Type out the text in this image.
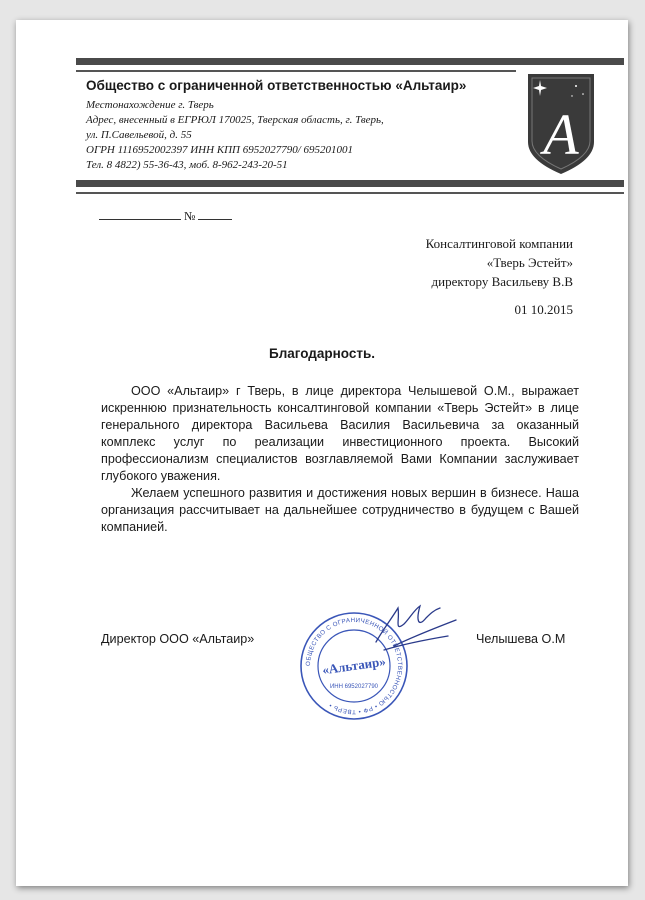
Общество с ограниченной ответственностью «Альтаир»
Местонахождение г. Тверь
Адрес, внесенный в ЕГРЮЛ 170025, Тверская область, г. Тверь,
ул. П.Савельевой, д. 55
ОГРН 1116952002397 ИНН КПП 6952027790/ 695201001
Тел. 8 4822) 55-36-43, моб. 8-962-243-20-51	А
№
Консалтинговой компании
«Тверь Эстейт»
директору Васильеву В.В
01 10.2015
Благодарность.

ООО «Альтаир» г Тверь, в лице директора Челышевой О.М., выражает искреннюю признательность консалтинговой компании «Тверь Эстейт» в лице генерального директора Васильева Василия Васильевича за оказанный комплекс услуг по реализации инвестиционного проекта. Высокий профессионализм специалистов возглавляемой Вами Компании заслуживает глубокого уважения.

Желаем успешного развития и достижения новых вершин в бизнесе. Наша организация рассчитывает на дальнейшее сотрудничество в будущем с Вашей компанией.

Директор ООО «Альтаир»	Челышева О.М
ОБЩЕСТВО С ОГРАНИЧЕННОЙ ОТВЕТСТВЕННОСТЬЮ • РФ • ТВЕРЬ •
«Альтаир»
ИНН 6952027790
